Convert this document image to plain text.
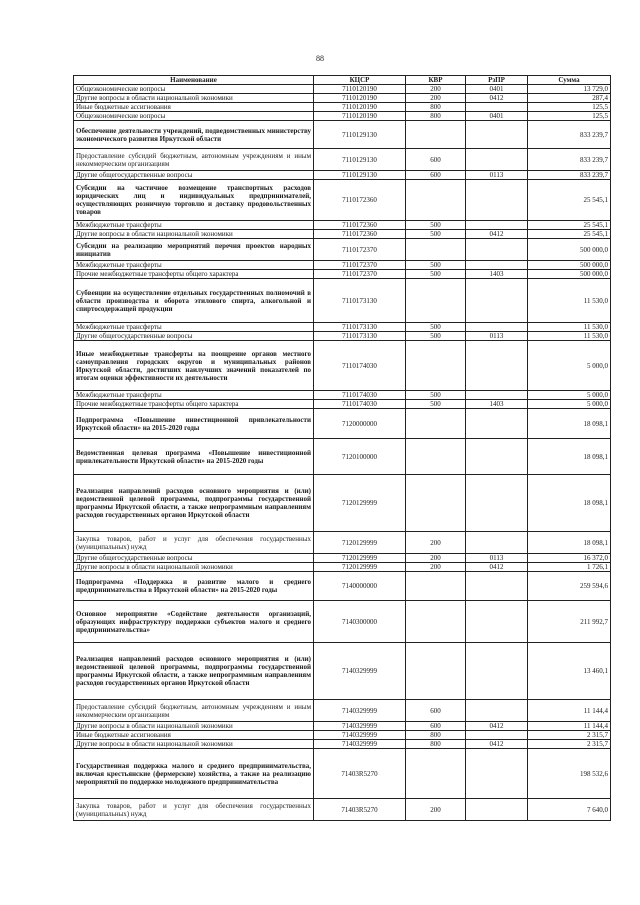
88
Наименование	КЦСР	КВР	РзПР	Сумма
Общеэкономические вопросы	7110120190	200	0401	13 729,0
Другие вопросы в области национальной экономики	7110120190	200	0412	287,4
Иные бюджетные ассигнования	7110120190	800		125,5
Общеэкономические вопросы	7110120190	800	0401	125,5
Обеспечение деятельности учреждений, подведомственных министерству экономического развития Иркутской области	7110129130			833 239,7
Предоставление субсидий бюджетным, автономным учреждениям и иным некоммерческим организациям	7110129130	600		833 239,7
Другие общегосударственные вопросы	7110129130	600	0113	833 239,7
Субсидии на частичное возмещение транспортных расходов юридических лиц и индивидуальных предпринимателей, осуществляющих розничную торговлю и доставку продовольственных товаров	7110172360			25 545,1
Межбюджетные трансферты	7110172360	500		25 545,1
Другие вопросы в области национальной экономики	7110172360	500	0412	25 545,1
Субсидии на реализацию мероприятий перечня проектов народных инициатив	7110172370			500 000,0
Межбюджетные трансферты	7110172370	500		500 000,0
Прочие межбюджетные трансферты общего характера	7110172370	500	1403	500 000,0
Субвенции на осуществление отдельных государственных полномочий в области производства и оборота этилового спирта, алкогольной и спиртосодержащей продукции	7110173130			11 530,0
Межбюджетные трансферты	7110173130	500		11 530,0
Другие общегосударственные вопросы	7110173130	500	0113	11 530,0
Иные межбюджетные трансферты на поощрение органов местного самоуправления городских округов и муниципальных районов Иркутской области, достигших наилучших значений показателей по итогам оценки эффективности их деятельности	7110174030			5 000,0
Межбюджетные трансферты	7110174030	500		5 000,0
Прочие межбюджетные трансферты общего характера	7110174030	500	1403	5 000,0
Подпрограмма «Повышение инвестиционной привлекательности Иркутской области» на 2015-2020 годы	7120000000			18 098,1
Ведомственная целевая программа «Повышение инвестиционной привлекательности Иркутской области» на 2015-2020 годы	7120100000			18 098,1
Реализация направлений расходов основного мероприятия и (или) ведомственной целевой программы, подпрограммы государственной программы Иркутской области, а также непрограммным направлениям расходов государственных органов Иркутской области	7120129999			18 098,1
Закупка товаров, работ и услуг для обеспечения государственных (муниципальных) нужд	7120129999	200		18 098,1
Другие общегосударственные вопросы	7120129999	200	0113	16 372,0
Другие вопросы в области национальной экономики	7120129999	200	0412	1 726,1
Подпрограмма «Поддержка и развитие малого и среднего предпринимательства в Иркутской области» на 2015-2020 годы	7140000000			259 594,6
Основное мероприятие «Содействие деятельности организаций, образующих инфраструктуру поддержки субъектов малого и среднего предпринимательства»	7140300000			211 992,7
Реализация направлений расходов основного мероприятия и (или) ведомственной целевой программы, подпрограммы государственной программы Иркутской области, а также непрограммным направлениям расходов государственных органов Иркутской области	7140329999			13 460,1
Предоставление субсидий бюджетным, автономным учреждениям и иным некоммерческим организациям	7140329999	600		11 144,4
Другие вопросы в области национальной экономики	7140329999	600	0412	11 144,4
Иные бюджетные ассигнования	7140329999	800		2 315,7
Другие вопросы в области национальной экономики	7140329999	800	0412	2 315,7
Государственная поддержка малого и среднего предпринимательства, включая крестьянские (фермерские) хозяйства, а также на реализацию мероприятий по поддержке молодежного предпринимательства	71403R5270			198 532,6
Закупка товаров, работ и услуг для обеспечения государственных (муниципальных) нужд	71403R5270	200		7 640,0
